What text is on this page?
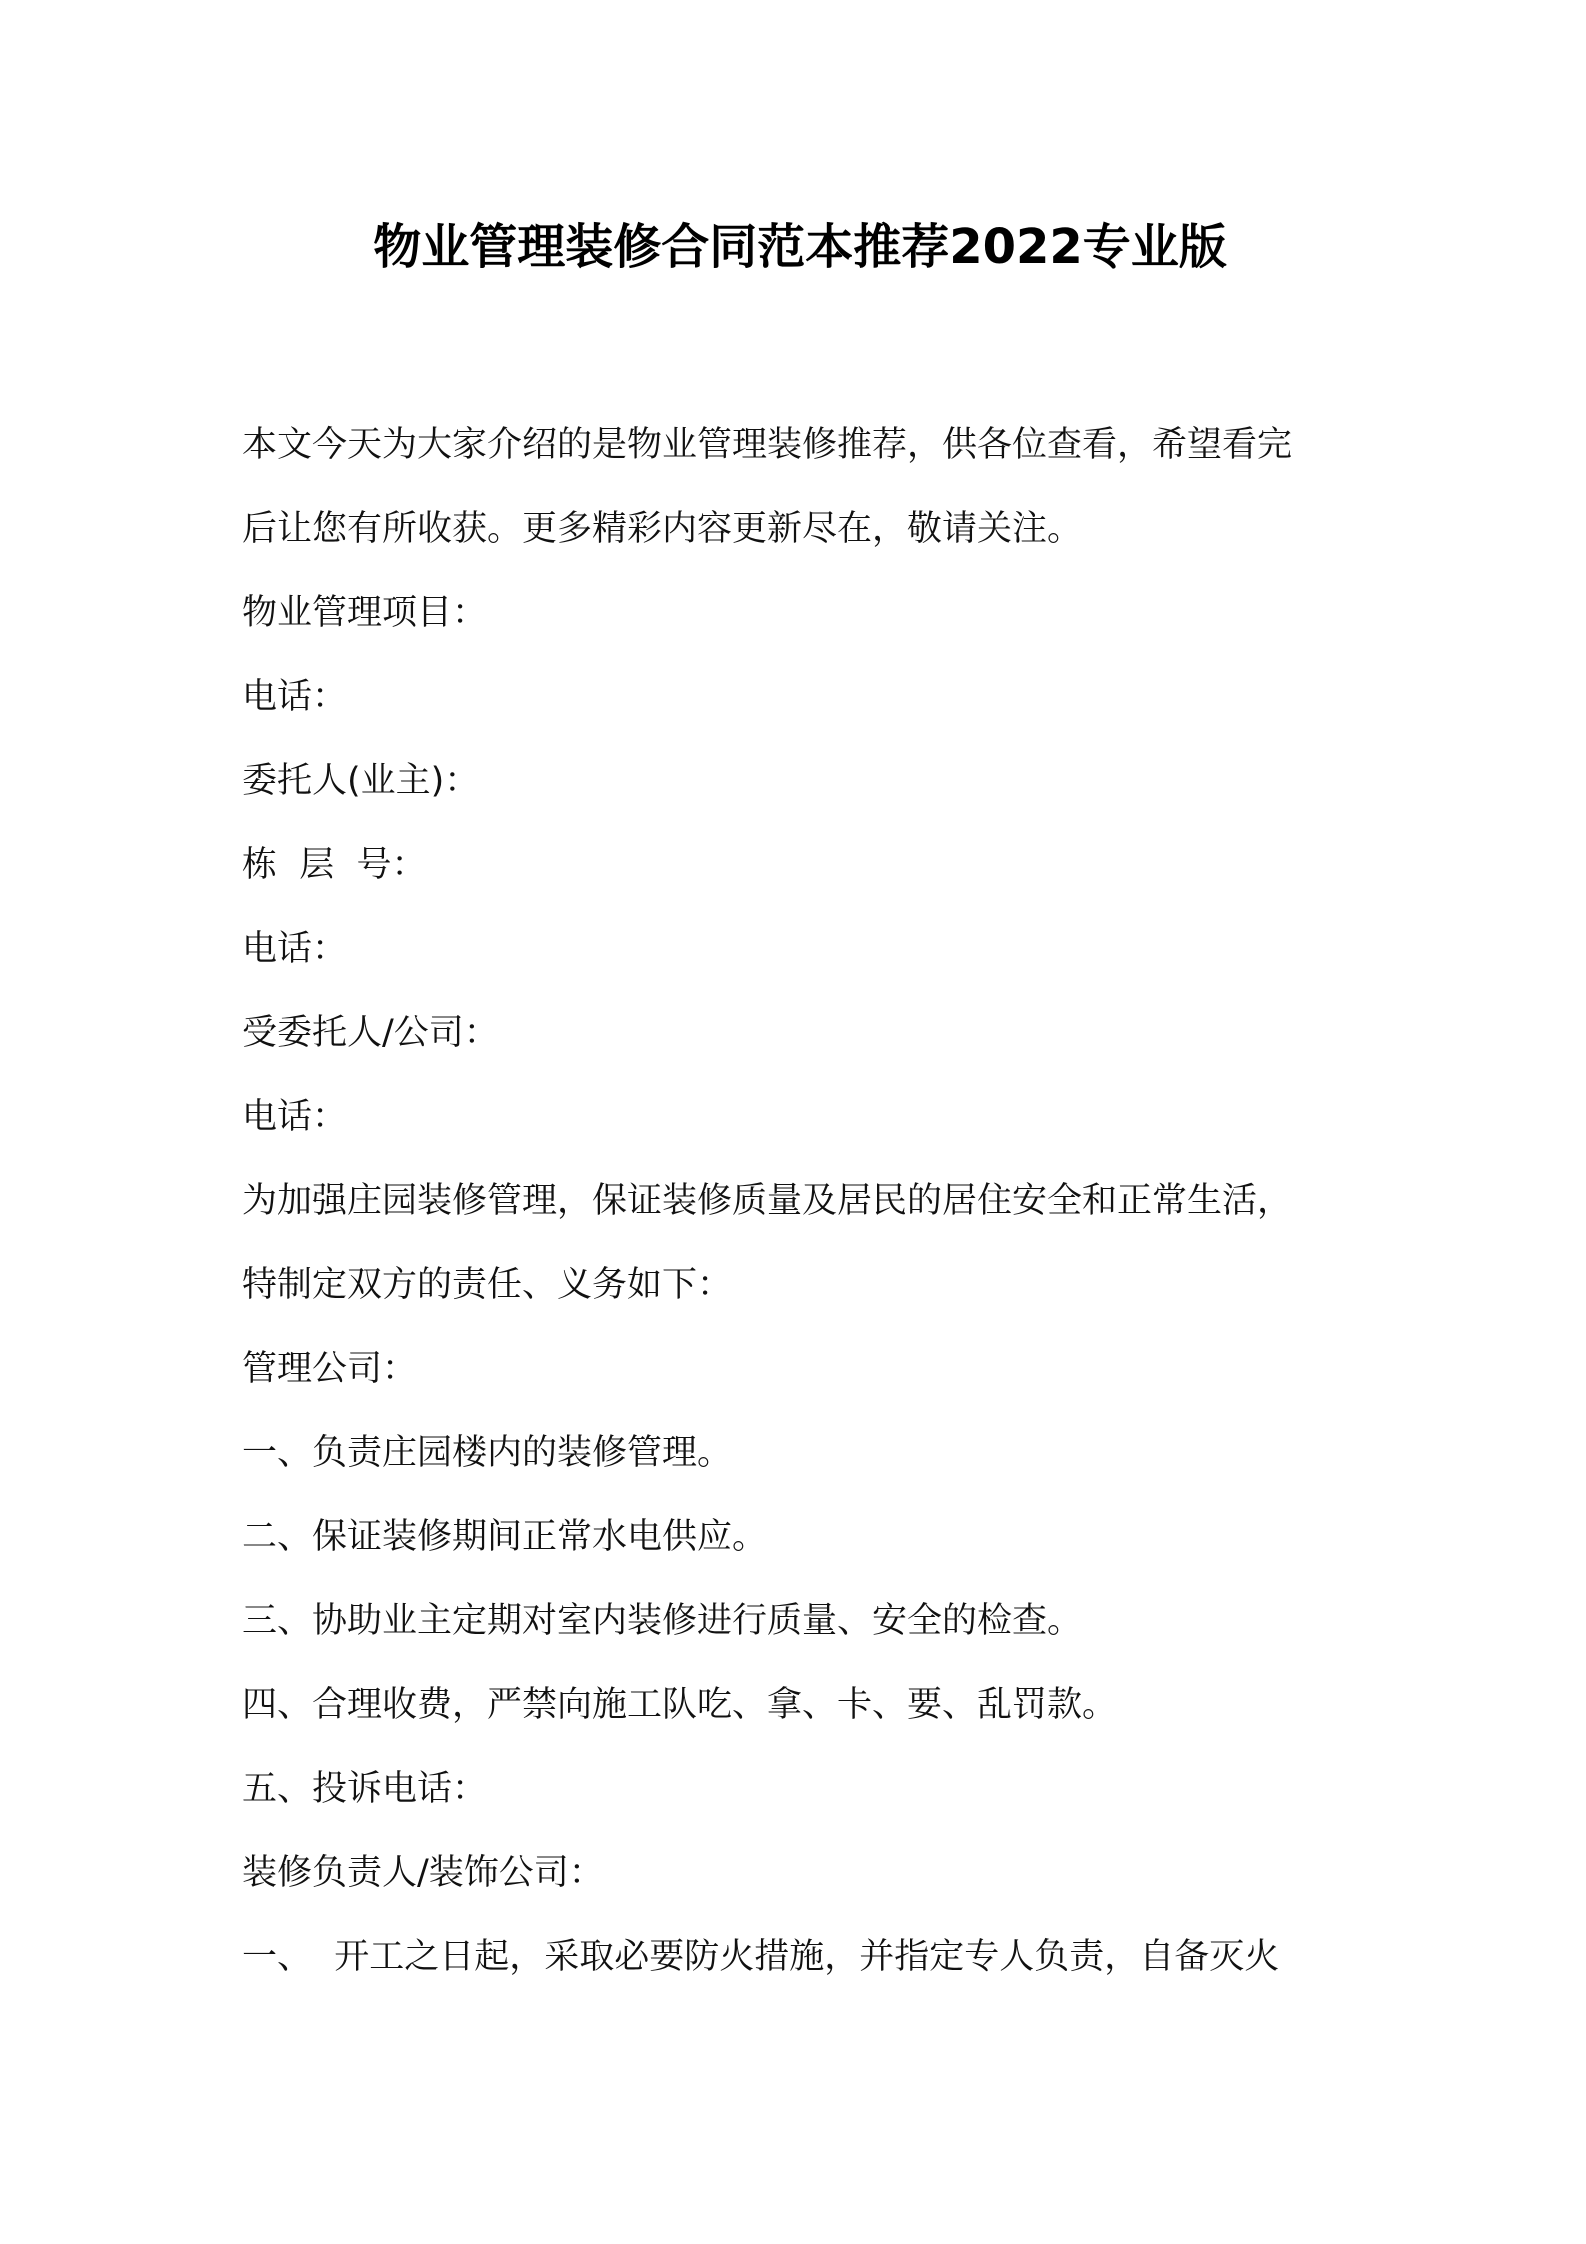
物业管理装修合同范本推荐2022专业版
本文今天为大家介绍的是物业管理装修推荐，供各位查看，希望看完
后让您有所收获。更多精彩内容更新尽在，敬请关注。
物业管理项目：
电话：
委托人(业主)：
栋  层  号：
电话：
受委托人/公司：
电话：
为加强庄园装修管理，保证装修质量及居民的居住安全和正常生活，
特制定双方的责任、义务如下：
管理公司：
一、负责庄园楼内的装修管理。
二、保证装修期间正常水电供应。
三、协助业主定期对室内装修进行质量、安全的检查。
四、合理收费，严禁向施工队吃、拿、卡、要、乱罚款。
五、投诉电话：
装修负责人/装饰公司：
一、  开工之日起，采取必要防火措施，并指定专人负责，自备灭火
